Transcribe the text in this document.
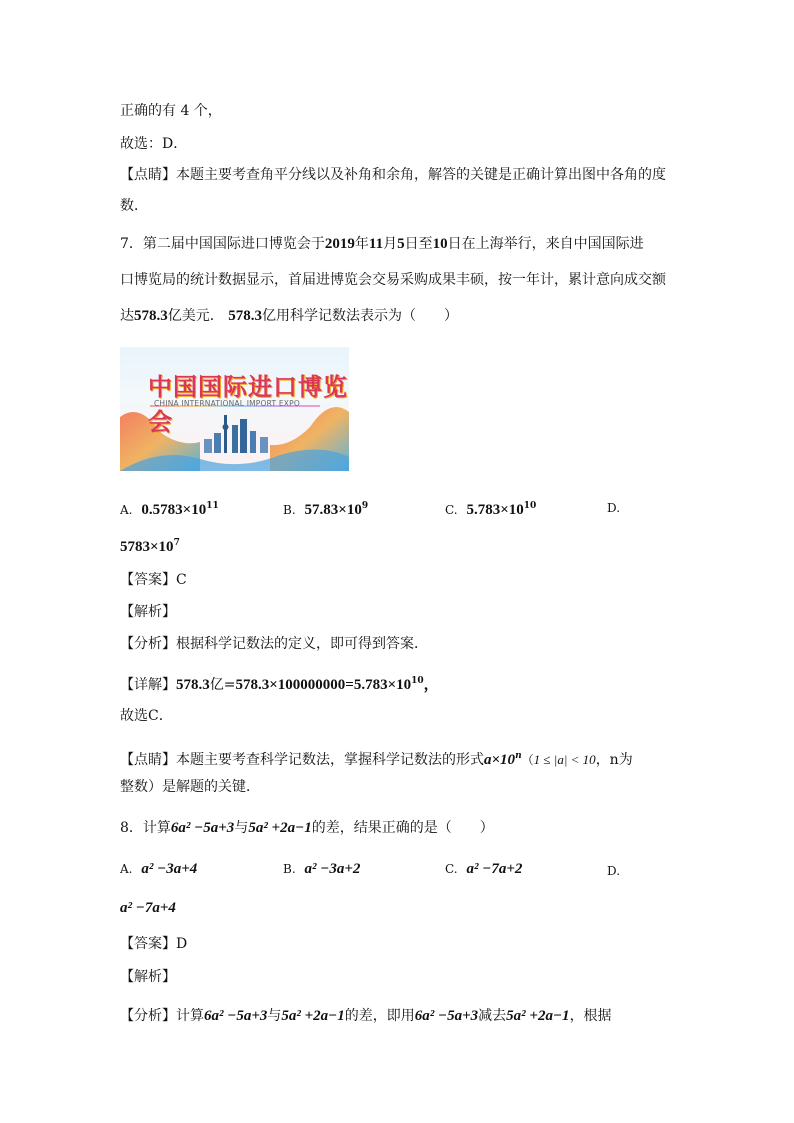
正确的有 4 个，
故选：D．
【点睛】本题主要考查角平分线以及补角和余角，解答的关键是正确计算出图中各角的度
数．
7．第二届中国国际进口博览会于2019年11月5日至10日在上海举行，来自中国国际进
口博览局的统计数据显示，首届进博览会交易采购成果丰硕，按一年计，累计意向成交额
达578.3亿美元． 578.3亿用科学记数法表示为（　　）
中国国际进口博览会
CHINA INTERNATIONAL IMPORT EXPO
A. $0.5783\times 10^{11}$	B. $57.83\times 10^9$	C. $5.783\times 10^{10}$	D.
$5783\times 10^7$
【答案】C
【解析】
【分析】根据科学记数法的定义，即可得到答案．
【详解】578.3亿$=578.3\times 100000000=5.783\times 10^{10}$，
故选C．
【点睛】本题主要考查科学记数法，掌握科学记数法的形式$a\times 10^n(1 \le |a| < 10$，n为
整数）是解题的关键．
8．计算6a² −5a+3与5a² +2a−1的差，结果正确的是（　　）
A. a² −3a+4	B. a² −3a+2	C. a² −7a+2	D.
a² −7a+4
【答案】D
【解析】
【分析】计算6a² −5a+3与5a² +2a−1的差，即用6a² −5a+3减去5a² +2a−1，根据
